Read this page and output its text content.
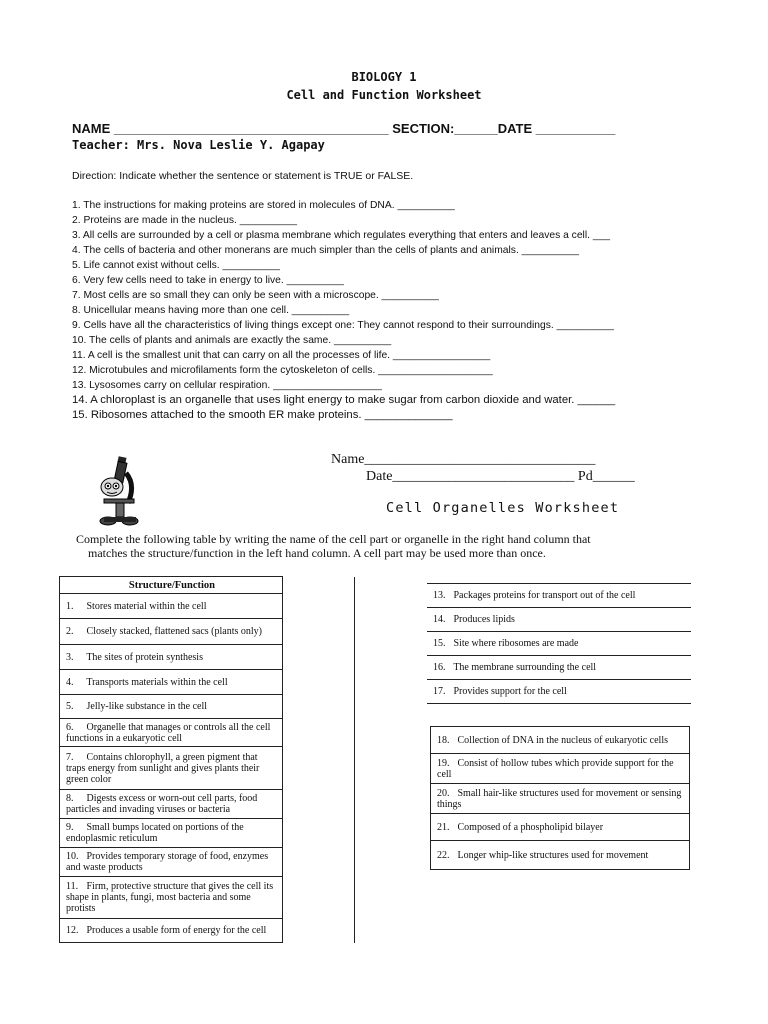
BIOLOGY 1
Cell and Function Worksheet
NAME ______________________________________ SECTION:______DATE ___________
Teacher: Mrs. Nova Leslie Y. Agapay
Direction: Indicate whether the sentence or statement is TRUE or FALSE.
1. The instructions for making proteins are stored in molecules of DNA. __________
2. Proteins are made in the nucleus. __________
3. All cells are surrounded by a cell or plasma membrane which regulates everything that enters and leaves a cell. ___
4. The cells of bacteria and other monerans are much simpler than the cells of plants and animals. __________
5. Life cannot exist without cells. __________
6. Very few cells need to take in energy to live. __________
7. Most cells are so small they can only be seen with a microscope. __________
8. Unicellular means having more than one cell. __________
9. Cells have all the characteristics of living things except one: They cannot respond to their surroundings. __________
10. The cells of plants and animals are exactly the same. __________
11. A cell is the smallest unit that can carry on all the processes of life. _________________
12. Microtubules and microfilaments form the cytoskeleton of cells. ____________________
13. Lysosomes carry on cellular respiration. ___________________
14. A chloroplast is an organelle that uses light energy to make sugar from carbon dioxide and water. ______
15. Ribosomes attached to the smooth ER make proteins. ______________
Name_________________________________
Date__________________________ Pd______
Cell Organelles Worksheet
Complete the following table by writing the name of the cell part or organelle in the right hand column that
matches the structure/function in the left hand column. A cell part may be used more than once.
Structure/Function	
1. Stores material within the cell	
2. Closely stacked, flattened sacs (plants only)	
3. The sites of protein synthesis	
4. Transports materials within the cell	
5. Jelly-like substance in the cell	
6. Organelle that manages or controls all the cell functions in a eukaryotic cell	
7. Contains chlorophyll, a green pigment that traps energy from sunlight and gives plants their green color	
8. Digests excess or worn-out cell parts, food particles and invading viruses or bacteria	
9. Small bumps located on portions of the endoplasmic reticulum	
10. Provides temporary storage of food, enzymes and waste products	
11. Firm, protective structure that gives the cell its shape in plants, fungi, most bacteria and some protists	
12. Produces a usable form of energy for the cell	
13. Packages proteins for transport out of the cell
14. Produces lipids
15. Site where ribosomes are made
16. The membrane surrounding the cell
17. Provides support for the cell
18. Collection of DNA in the nucleus of eukaryotic cells
19. Consist of hollow tubes which provide support for the cell
20. Small hair-like structures used for movement or sensing things
21. Composed of a phospholipid bilayer
22. Longer whip-like structures used for movement
